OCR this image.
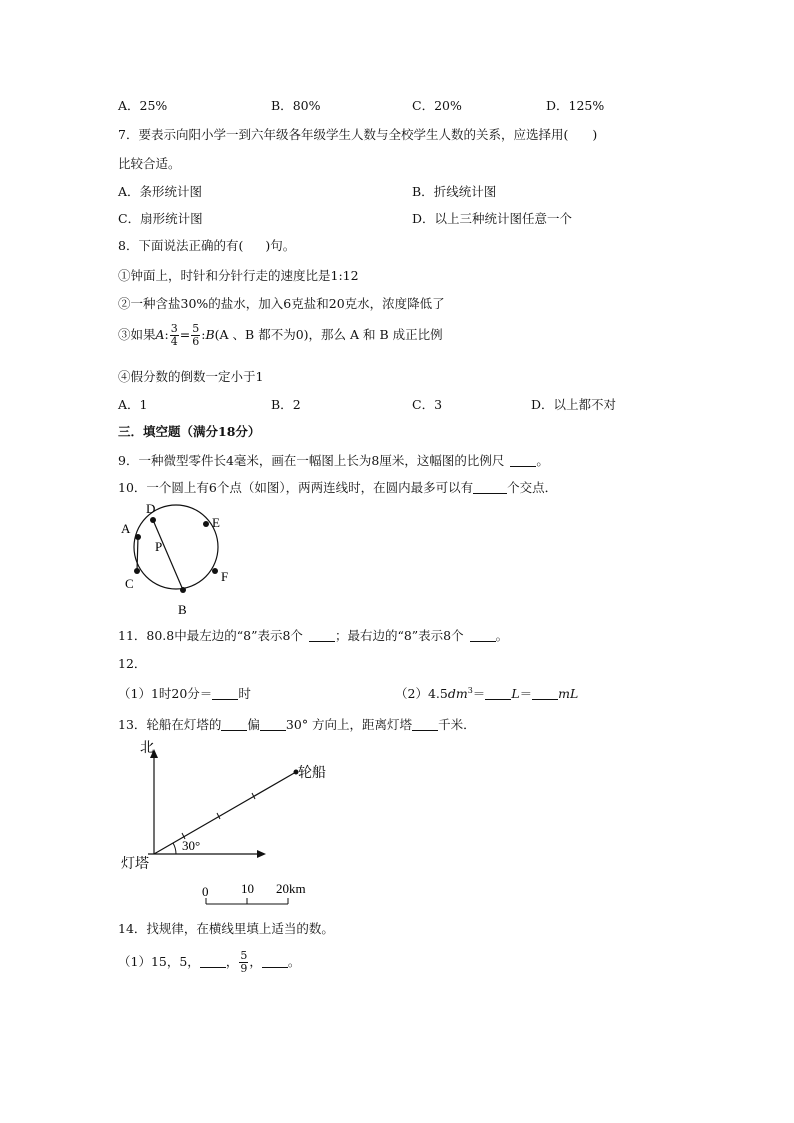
A．25%	B．80%	C．20%	D．125%
7．要表示向阳小学一到六年级各年级学生人数与全校学生人数的关系，应选择用( )
比较合适。
A．条形统计图	B．折线统计图
C．扇形统计图	D．以上三种统计图任意一个
8．下面说法正确的有( )句。
①钟面上，时针和分针行走的速度比是1:12
②一种含盐30%的盐水，加入6克盐和20克水，浓度降低了
③如果A: $\frac{3}{4} = \frac{5}{6}$ :B(A 、B 都不为0)，那么 A 和 B 成正比例
④假分数的倒数一定小于1
A．1	B．2	C．3	D．以上都不对
三．填空题（满分18分）
9．一种微型零件长4毫米，画在一幅图上长为8厘米，这幅图的比例尺	。
10．一个圆上有6个点（如图），两两连线时，在圆内最多可以有	个交点．
D
E
A
P
F
C
B
11．80.8中最左边的“8”表示8个	；最右边的“8”表示8个	。
12．
（1）1时20分＝ 时	$(2)4.5dm^3= L=$ mL
13．轮船在灯塔的 偏 30° 方向上，距离灯塔 千米．
北
轮船
30°
灯塔
0	10 20km
14．找规律，在横线里填上适当的数。
（1）15，5， ， $\frac{5}{9}$ ， 。
